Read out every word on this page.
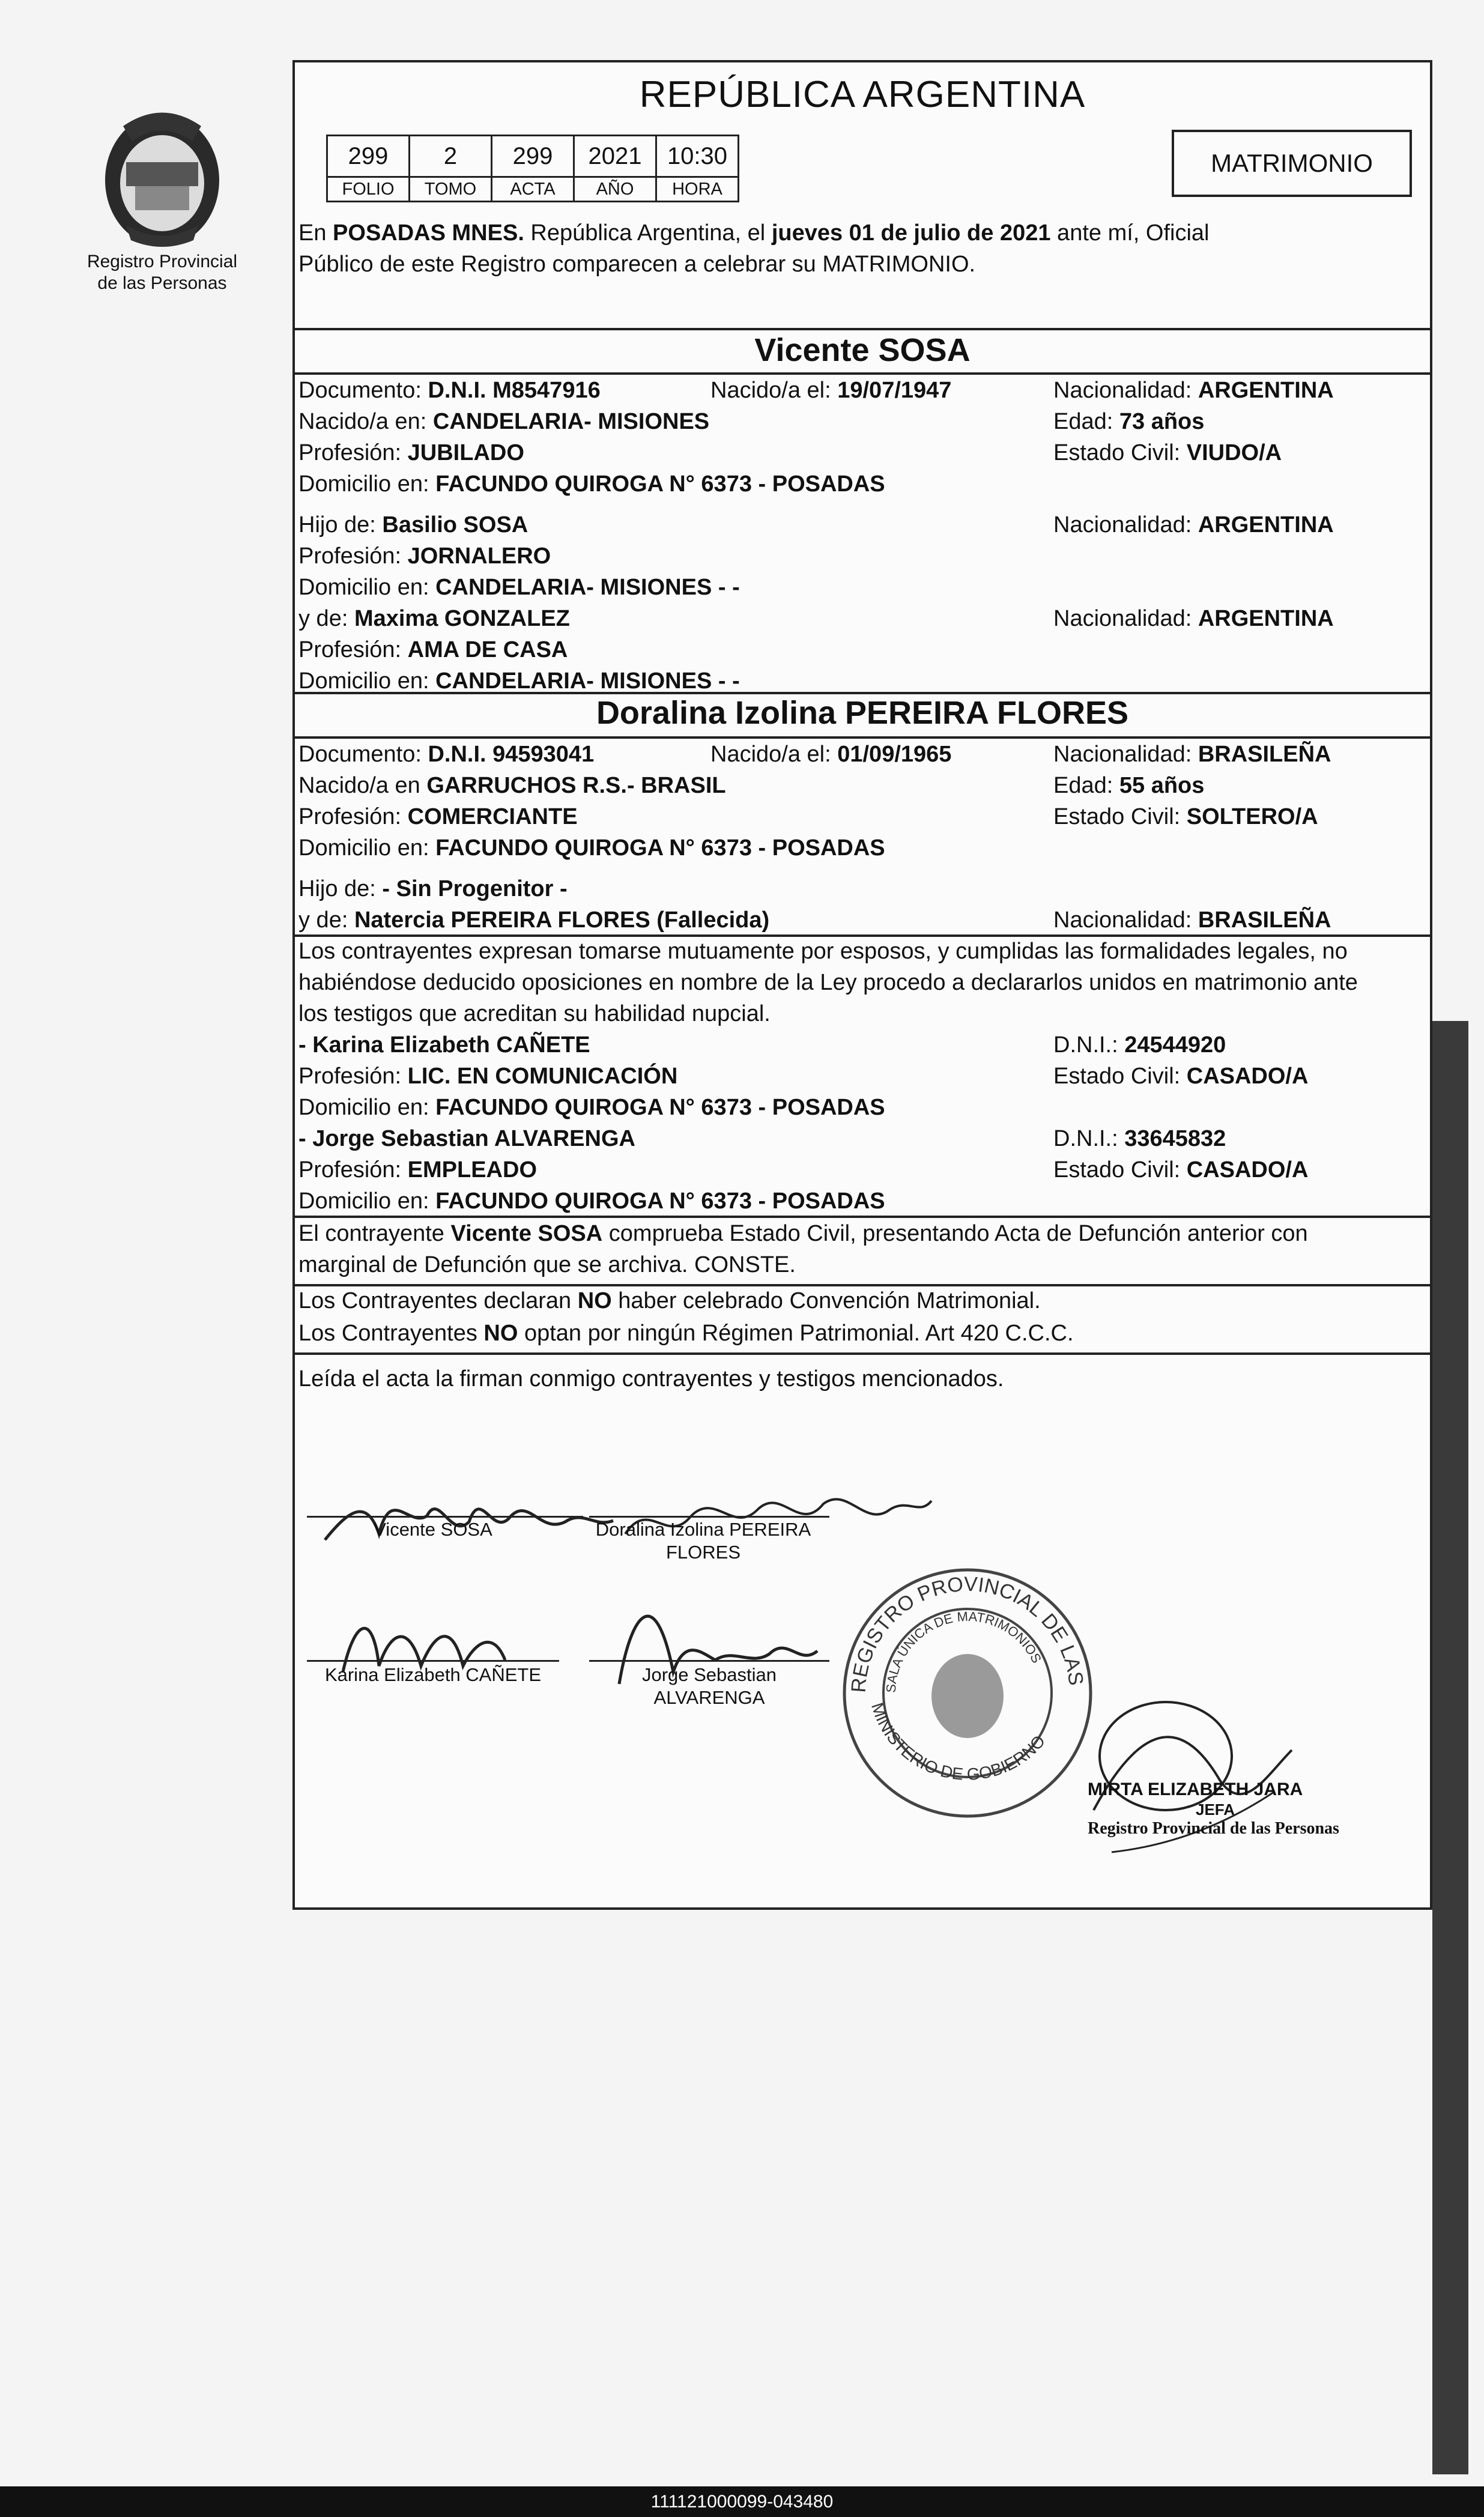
Registro Provincial
de las Personas
REPÚBLICA ARGENTINA
299	2	299	2021	10:30
FOLIO	TOMO	ACTA	AÑO	HORA
MATRIMONIO
En POSADAS MNES. República Argentina, el jueves 01 de julio de 2021 ante mí, Oficial
Público de este Registro comparecen a celebrar su MATRIMONIO.
Vicente SOSA
Documento: D.N.I. M8547916	Nacido/a el: 19/07/1947	Nacionalidad: ARGENTINA
Nacido/a en: CANDELARIA- MISIONES	Edad: 73 años
Profesión: JUBILADO	Estado Civil: VIUDO/A
Domicilio en: FACUNDO QUIROGA N° 6373 - POSADAS
Hijo de: Basilio SOSA	Nacionalidad: ARGENTINA
Profesión: JORNALERO
Domicilio en: CANDELARIA- MISIONES - -
y de: Maxima GONZALEZ	Nacionalidad: ARGENTINA
Profesión: AMA DE CASA
Domicilio en: CANDELARIA- MISIONES - -
Doralina Izolina PEREIRA FLORES
Documento: D.N.I. 94593041	Nacido/a el: 01/09/1965	Nacionalidad: BRASILEÑA
Nacido/a en GARRUCHOS R.S.- BRASIL	Edad: 55 años
Profesión: COMERCIANTE	Estado Civil: SOLTERO/A
Domicilio en: FACUNDO QUIROGA N° 6373 - POSADAS
Hijo de: - Sin Progenitor -
y de: Natercia PEREIRA FLORES (Fallecida)	Nacionalidad: BRASILEÑA
Los contrayentes expresan tomarse mutuamente por esposos, y cumplidas las formalidades legales, no
habiéndose deducido oposiciones en nombre de la Ley procedo a declararlos unidos en matrimonio ante
los testigos que acreditan su habilidad nupcial.
- Karina Elizabeth CAÑETE	D.N.I.: 24544920
Profesión: LIC. EN COMUNICACIÓN	Estado Civil: CASADO/A
Domicilio en: FACUNDO QUIROGA N° 6373 - POSADAS
- Jorge Sebastian ALVARENGA	D.N.I.: 33645832
Profesión: EMPLEADO	Estado Civil: CASADO/A
Domicilio en: FACUNDO QUIROGA N° 6373 - POSADAS
El contrayente Vicente SOSA comprueba Estado Civil, presentando Acta de Defunción anterior con
marginal de Defunción que se archiva. CONSTE.
Los Contrayentes declaran NO haber celebrado Convención Matrimonial.
Los Contrayentes NO optan por ningún Régimen Patrimonial. Art 420 C.C.C.
Leída el acta la firman conmigo contrayentes y testigos mencionados.
Vicente SOSA	Doralina Izolina PEREIRA
FLORES
Karina Elizabeth CAÑETE	Jorge Sebastian
ALVARENGA
REGISTRO PROVINCIAL DE LAS PERSONAS
SALA ÚNICA DE MATRIMONIOS
MINISTERIO DE GOBIERNO
MIRTA ELIZABETH JARA
JEFA
Registro Provincial de las Personas
111121000099-043480
